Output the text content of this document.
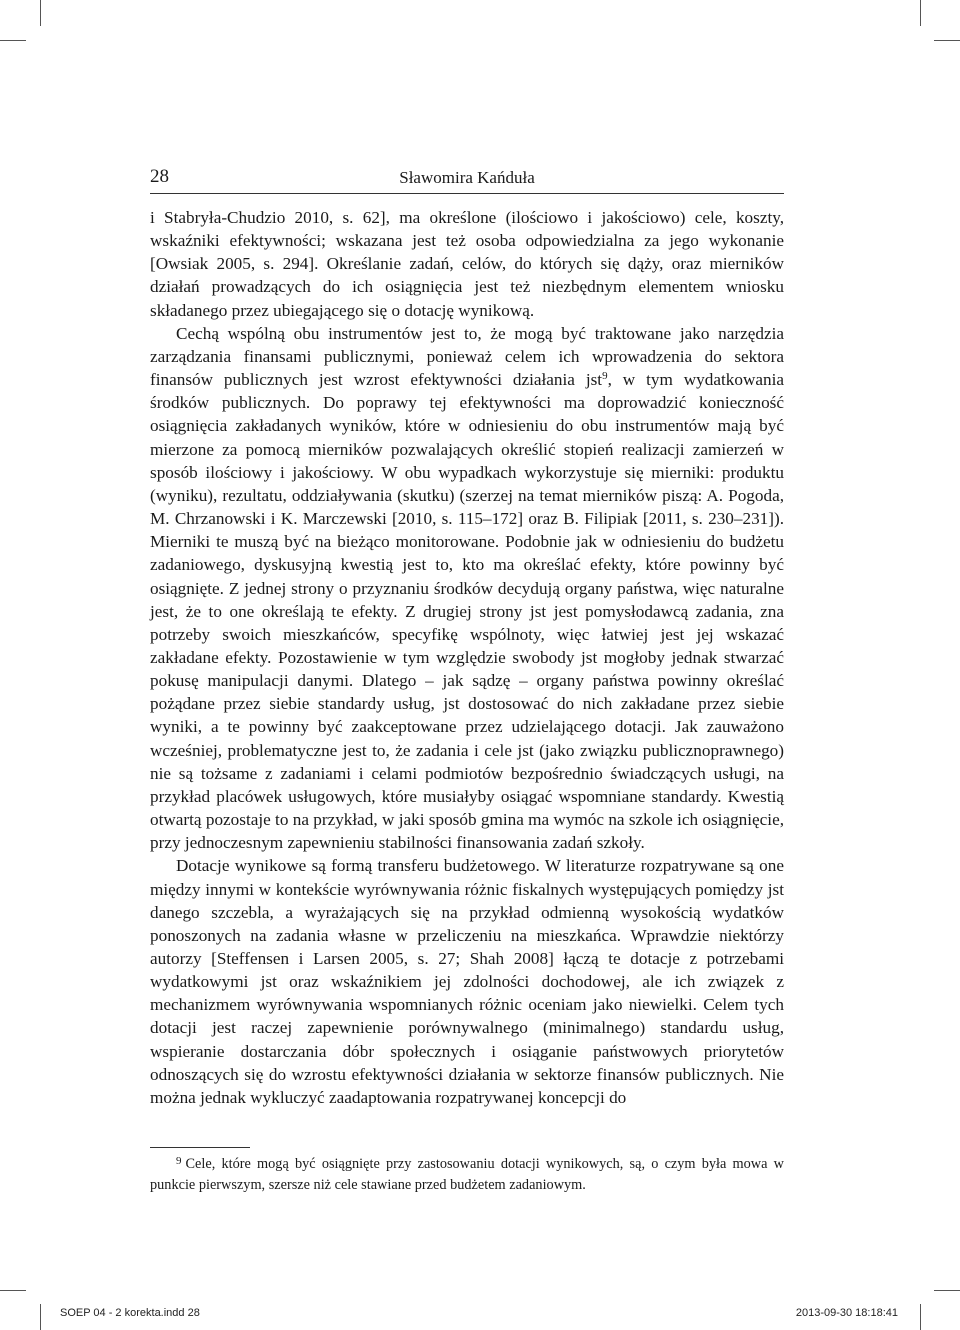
28	Sławomira Kańduła

i Stabryła-Chudzio 2010, s. 62], ma określone (ilościowo i jakościowo) cele, koszty, wskaźniki efektywności; wskazana jest też osoba odpowiedzialna za jego wykonanie [Owsiak 2005, s. 294]. Określanie zadań, celów, do których się dąży, oraz mierników działań prowadzących do ich osiągnięcia jest też niezbędnym elementem wniosku składanego przez ubiegającego się o dotację wynikową.

Cechą wspólną obu instrumentów jest to, że mogą być traktowane jako narzędzia zarządzania finansami publicznymi, ponieważ celem ich wprowadzenia do sektora finansów publicznych jest wzrost efektywności działania jst$^9$, w tym wydatkowania środków publicznych. Do poprawy tej efektywności ma doprowadzić konieczność osiągnięcia zakładanych wyników, które w odniesieniu do obu instrumentów mają być mierzone za pomocą mierników pozwalających określić stopień realizacji zamierzeń w sposób ilościowy i jakościowy. W obu wypadkach wykorzystuje się mierniki: produktu (wyniku), rezultatu, oddziaływania (skutku) (szerzej na temat mierników piszą: A. Pogoda, M. Chrzanowski i K. Marczewski [2010, s. 115–172] oraz B. Filipiak [2011, s. 230–231]). Mierniki te muszą być na bieżąco monitorowane. Podobnie jak w odniesieniu do budżetu zadaniowego, dyskusyjną kwestią jest to, kto ma określać efekty, które powinny być osiągnięte. Z jednej strony o przyznaniu środków decydują organy państwa, więc naturalne jest, że to one określają te efekty. Z drugiej strony jst jest pomysłodawcą zadania, zna potrzeby swoich mieszkańców, specyfikę wspólnoty, więc łatwiej jest jej wskazać zakładane efekty. Pozostawienie w tym względzie swobody jst mogłoby jednak stwarzać pokusę manipulacji danymi. Dlatego – jak sądzę – organy państwa powinny określać pożądane przez siebie standardy usług, jst dostosować do nich zakładane przez siebie wyniki, a te powinny być zaakceptowane przez udzielającego dotacji. Jak zauważono wcześniej, problematyczne jest to, że zadania i cele jst (jako związku publicznoprawnego) nie są tożsame z zadaniami i celami podmiotów bezpośrednio świadczących usługi, na przykład placówek usługowych, które musiałyby osiągać wspomniane standardy. Kwestią otwartą pozostaje to na przykład, w jaki sposób gmina ma wymóc na szkole ich osiągnięcie, przy jednoczesnym zapewnieniu stabilności finansowania zadań szkoły.

Dotacje wynikowe są formą transferu budżetowego. W literaturze rozpatrywane są one między innymi w kontekście wyrównywania różnic fiskalnych występujących pomiędzy jst danego szczebla, a wyrażających się na przykład odmienną wysokością wydatków ponoszonych na zadania własne w przeliczeniu na mieszkańca. Wprawdzie niektórzy autorzy [Steffensen i Larsen 2005, s. 27; Shah 2008] łączą te dotacje z potrzebami wydatkowymi jst oraz wskaźnikiem jej zdolności dochodowej, ale ich związek z mechanizmem wyrównywania wspomnianych różnic oceniam jako niewielki. Celem tych dotacji jest raczej zapewnienie porównywalnego (minimalnego) standardu usług, wspieranie dostarczania dóbr społecznych i osiąganie państwowych priorytetów odnoszących się do wzrostu efektywności działania w sektorze finansów publicznych. Nie można jednak wykluczyć zaadaptowania rozpatrywanej koncepcji do

$^9$ Cele, które mogą być osiągnięte przy zastosowaniu dotacji wynikowych, są, o czym była mowa w punkcie pierwszym, szersze niż cele stawiane przed budżetem zadaniowym.

SOEP 04 - 2 korekta.indd 28	2013-09-30 18:18:41
